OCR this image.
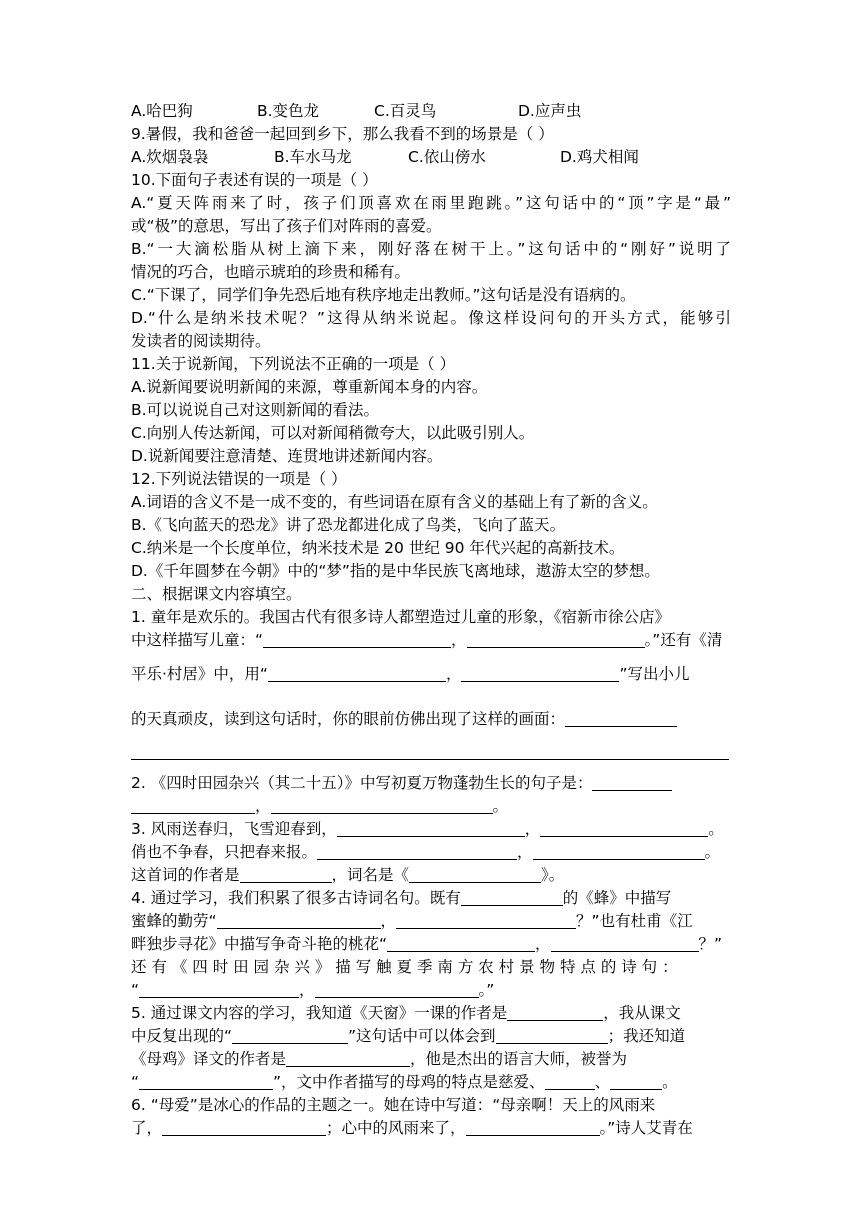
A.哈巴狗	B.变色龙	C.百灵鸟	D.应声虫
9.暑假，我和爸爸一起回到乡下，那么我看不到的场景是（ ）
A.炊烟袅袅	B.车水马龙	C.依山傍水	D.鸡犬相闻
10.下面句子表述有误的一项是（ ）
A.“夏天阵雨来了时，孩子们顶喜欢在雨里跑跳。”这句话中的“顶”字是“最”
或“极”的意思，写出了孩子们对阵雨的喜爱。
B.“一大滴松脂从树上滴下来，刚好落在树干上。”这句话中的“刚好”说明了
情况的巧合，也暗示琥珀的珍贵和稀有。
C.“下课了，同学们争先恐后地有秩序地走出教师。”这句话是没有语病的。
D.“什么是纳米技术呢？”这得从纳米说起。像这样设问句的开头方式，能够引
发读者的阅读期待。
11.关于说新闻，下列说法不正确的一项是（ ）
A.说新闻要说明新闻的来源，尊重新闻本身的内容。
B.可以说说自己对这则新闻的看法。
C.向别人传达新闻，可以对新闻稍微夸大，以此吸引别人。
D.说新闻要注意清楚、连贯地讲述新闻内容。
12.下列说法错误的一项是（ ）
A.词语的含义不是一成不变的，有些词语在原有含义的基础上有了新的含义。
B.《飞向蓝天的恐龙》讲了恐龙都进化成了鸟类，飞向了蓝天。
C.纳米是一个长度单位，纳米技术是 20 世纪 90 年代兴起的高新技术。
D.《千年圆梦在今朝》中的“梦”指的是中华民族飞离地球，遨游太空的梦想。
二、根据课文内容填空。
1. 童年是欢乐的。我国古代有很多诗人都塑造过儿童的形象，《宿新市徐公店》
中这样描写儿童：“	，	。”还有《清
平乐·村居》中，用“	，	”写出小儿
的天真顽皮，读到这句话时，你的眼前仿佛出现了这样的画面：
2. 《四时田园杂兴（其二十五）》中写初夏万物蓬勃生长的句子是：
，	。
3. 风雨送春归，飞雪迎春到，	，	。
俏也不争春，只把春来报。	，	。
这首词的作者是	，词名是《	》。
4. 通过学习，我们积累了很多古诗词名句。既有	的《蜂》中描写
蜜蜂的勤劳“	，	？”也有杜甫《江
畔独步寻花》中描写争奇斗艳的桃花“	，	？”
还 有 《 四 时 田 园 杂 兴 》 描 写 触 夏 季 南 方 农 村 景 物 特 点 的 诗 句 ：
“	，	。”
5. 通过课文内容的学习，我知道《天窗》一课的作者是	，我从课文
中反复出现的“	”这句话中可以体会到	；我还知道
《母鸡》译文的作者是	，他是杰出的语言大师，被誉为
“	”，文中作者描写的母鸡的特点是慈爱、	、	。
6. “母爱”是冰心的作品的主题之一。她在诗中写道：“母亲啊！天上的风雨来
了，	；心中的风雨来了，	。”诗人艾青在
